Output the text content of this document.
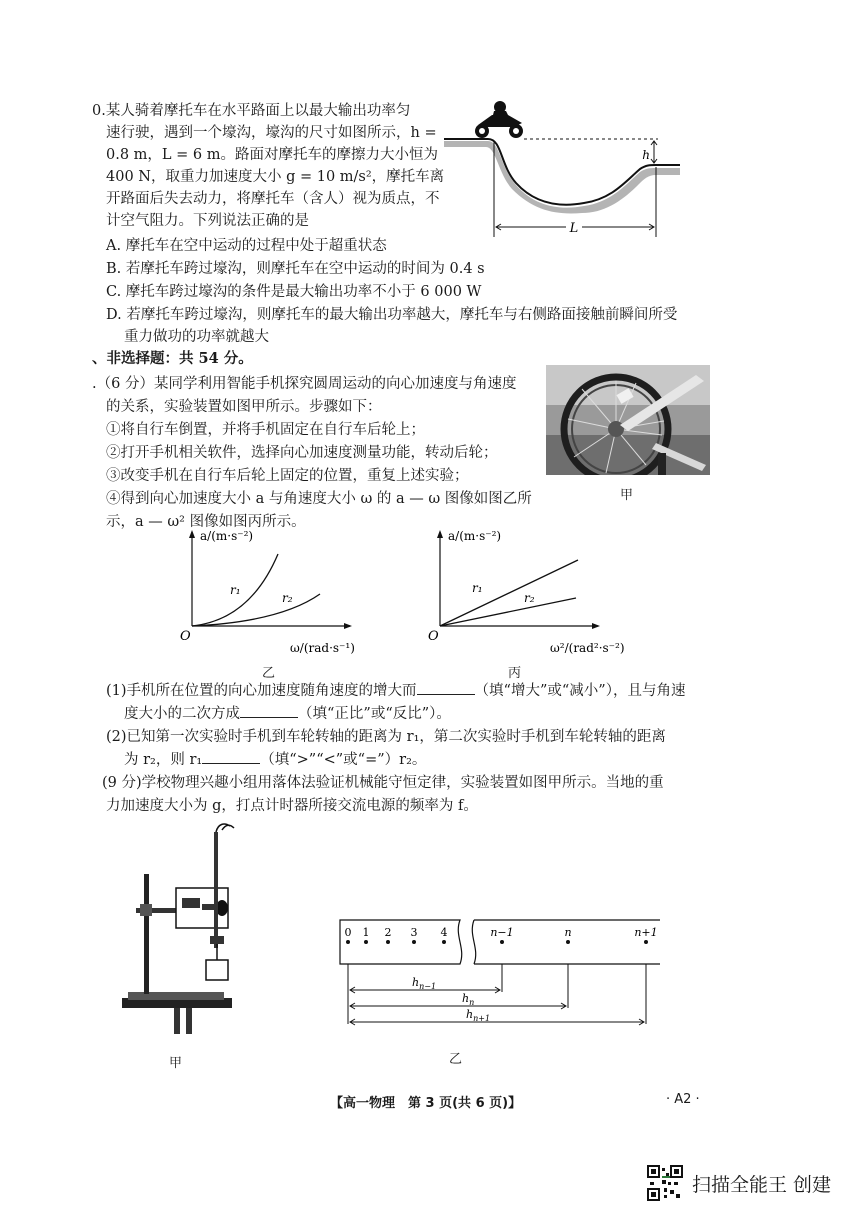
0.某人骑着摩托车在水平路面上以最大输出功率匀
速行驶，遇到一个壕沟，壕沟的尺寸如图所示，h =
0.8 m，L = 6 m。路面对摩托车的摩擦力大小恒为
400 N，取重力加速度大小 g = 10 m/s²，摩托车离
开路面后失去动力，将摩托车（含人）视为质点，不
计空气阻力。下列说法正确的是
A. 摩托车在空中运动的过程中处于超重状态
B. 若摩托车跨过壕沟，则摩托车在空中运动的时间为 0.4 s
C. 摩托车跨过壕沟的条件是最大输出功率不小于 6 000 W
D. 若摩托车跨过壕沟，则摩托车的最大输出功率越大，摩托车与右侧路面接触前瞬间所受
重力做功的功率就越大
h
L
、非选择题：共 54 分。
.（6 分）某同学利用智能手机探究圆周运动的向心加速度与角速度
的关系，实验装置如图甲所示。步骤如下：
①将自行车倒置，并将手机固定在自行车后轮上；
②打开手机相关软件，选择向心加速度测量功能，转动后轮；
③改变手机在自行车后轮上固定的位置，重复上述实验；
④得到向心加速度大小 a 与角速度大小 ω 的 a — ω 图像如图乙所
示，a — ω² 图像如图丙所示。
甲
a/(m·s⁻²)
O
ω/(rad·s⁻¹)
r₁
r₂
乙
a/(m·s⁻²)
O
ω²/(rad²·s⁻²)
r₁
r₂
丙
(1)手机所在位置的向心加速度随角速度的增大而	（填“增大”或“减小”），且与角速
度大小的二次方成	（填“正比”或“反比”）。
(2)已知第一次实验时手机到车轮转轴的距离为 r₁，第二次实验时手机到车轮转轴的距离
为 r₂，则 r₁	（填“>”“<”或“=”）r₂。
(9 分)学校物理兴趣小组用落体法验证机械能守恒定律，实验装置如图甲所示。当地的重
力加速度大小为 g，打点计时器所接交流电源的频率为 f。
甲
0 1 2 3 4	n−1	n	n+1
$h_{n-1}$
$h_n$
$h_{n+1}$
乙
【高一物理　第 3 页(共 6 页)】	· A2 ·
扫描全能王 创建
